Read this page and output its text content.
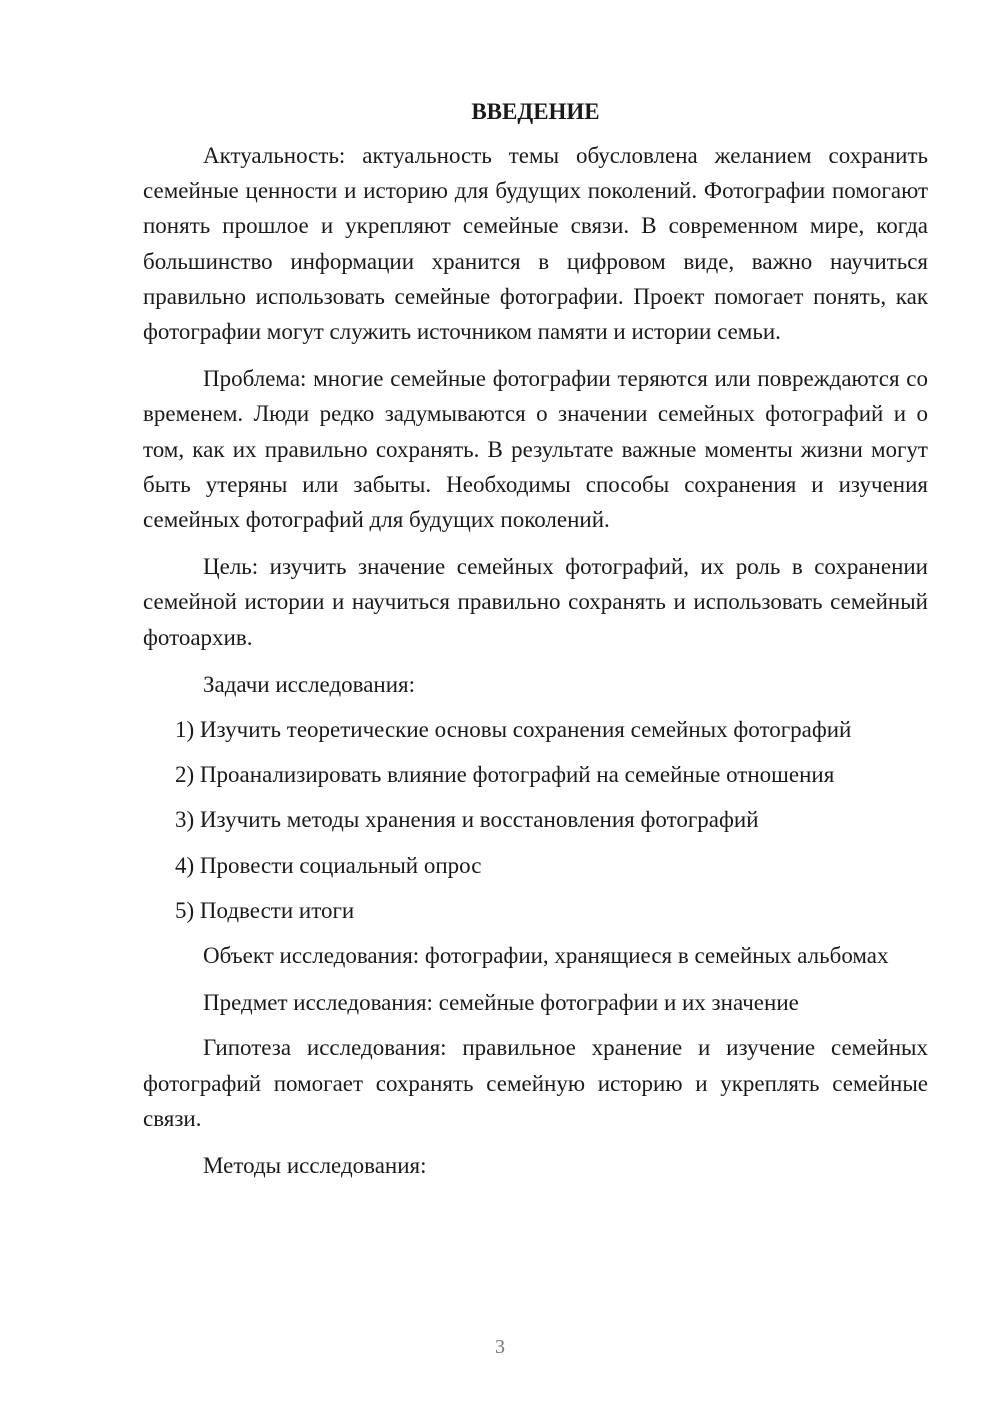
ВВЕДЕНИЕ

Актуальность: актуальность темы обусловлена желанием сохранить семейные ценности и историю для будущих поколений. Фотографии помогают понять прошлое и укрепляют семейные связи. В современном мире, когда большинство информации хранится в цифровом виде, важно научиться правильно использовать семейные фотографии. Проект помогает понять, как фотографии могут служить источником памяти и истории семьи.

Проблема: многие семейные фотографии теряются или повреждаются со временем. Люди редко задумываются о значении семейных фотографий и о том, как их правильно сохранять. В результате важные моменты жизни могут быть утеряны или забыты. Необходимы способы сохранения и изучения семейных фотографий для будущих поколений.

Цель: изучить значение семейных фотографий, их роль в сохранении семейной истории и научиться правильно сохранять и использовать семейный фотоархив.

Задачи исследования:

1) Изучить теоретические основы сохранения семейных фотографий
2) Проанализировать влияние фотографий на семейные отношения
3) Изучить методы хранения и восстановления фотографий
4) Провести социальный опрос
5) Подвести итоги

Объект исследования: фотографии, хранящиеся в семейных альбомах

Предмет исследования: семейные фотографии и их значение

Гипотеза исследования: правильное хранение и изучение семейных фотографий помогает сохранять семейную историю и укреплять семейные связи.

Методы исследования:

3
